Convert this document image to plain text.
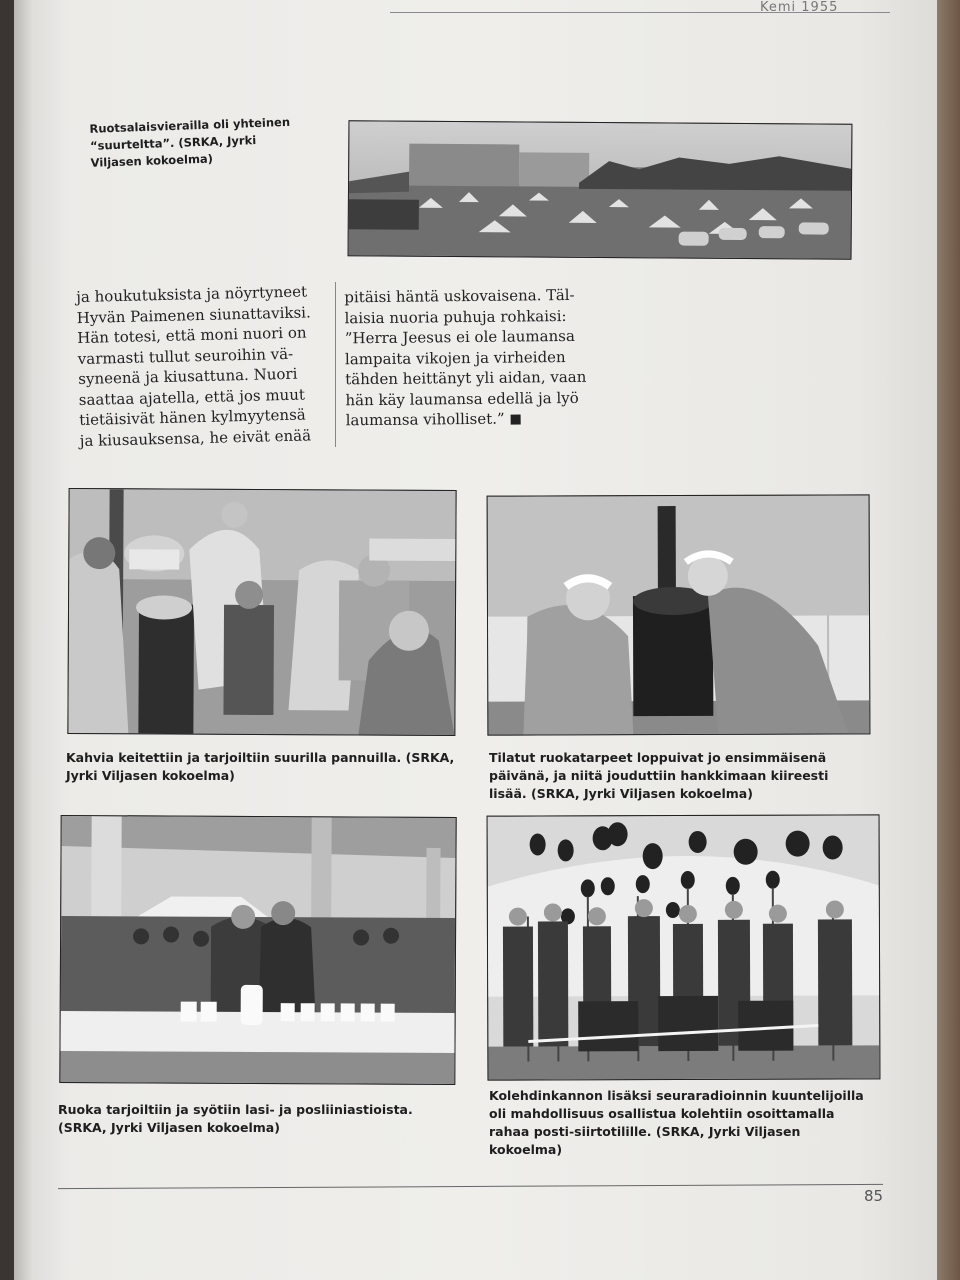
Kemi 1955

Ruotsalaisvierailla oli yhteinen “suurteltta”. (SRKA, Jyrki Viljasen kokoelma)

ja houkutuksista ja nöyrtyneet
Hyvän Paimenen siunattaviksi.
Hän totesi, että moni nuori on
varmasti tullut seuroihin vä-
syneenä ja kiusattuna. Nuori
saattaa ajatella, että jos muut
tietäisivät hänen kylmyytensä
ja kiusauksensa, he eivät enää

pitäisi häntä uskovaisena. Täl-
laisia nuoria puhuja rohkaisi:
”Herra Jeesus ei ole laumansa
lampaita vikojen ja virheiden
tähden heittänyt yli aidan, vaan
hän käy laumansa edellä ja lyö
laumansa viholliset.”

Kahvia keitettiin ja tarjoiltiin suurilla pannuilla. (SRKA, Jyrki Viljasen kokoelma)

Tilatut ruokatarpeet loppuivat jo ensimmäisenä päivänä, ja niitä jouduttiin hankkimaan kiireesti lisää. (SRKA, Jyrki Viljasen kokoelma)

Ruoka tarjoiltiin ja syötiin lasi- ja posliiniastioista. (SRKA, Jyrki Viljasen kokoelma)

Kolehdinkannon lisäksi seuraradioinnin kuuntelijoilla oli mahdollisuus osallistua kolehtiin osoittamalla rahaa posti-siirtotilille. (SRKA, Jyrki Viljasen kokoelma)

85
